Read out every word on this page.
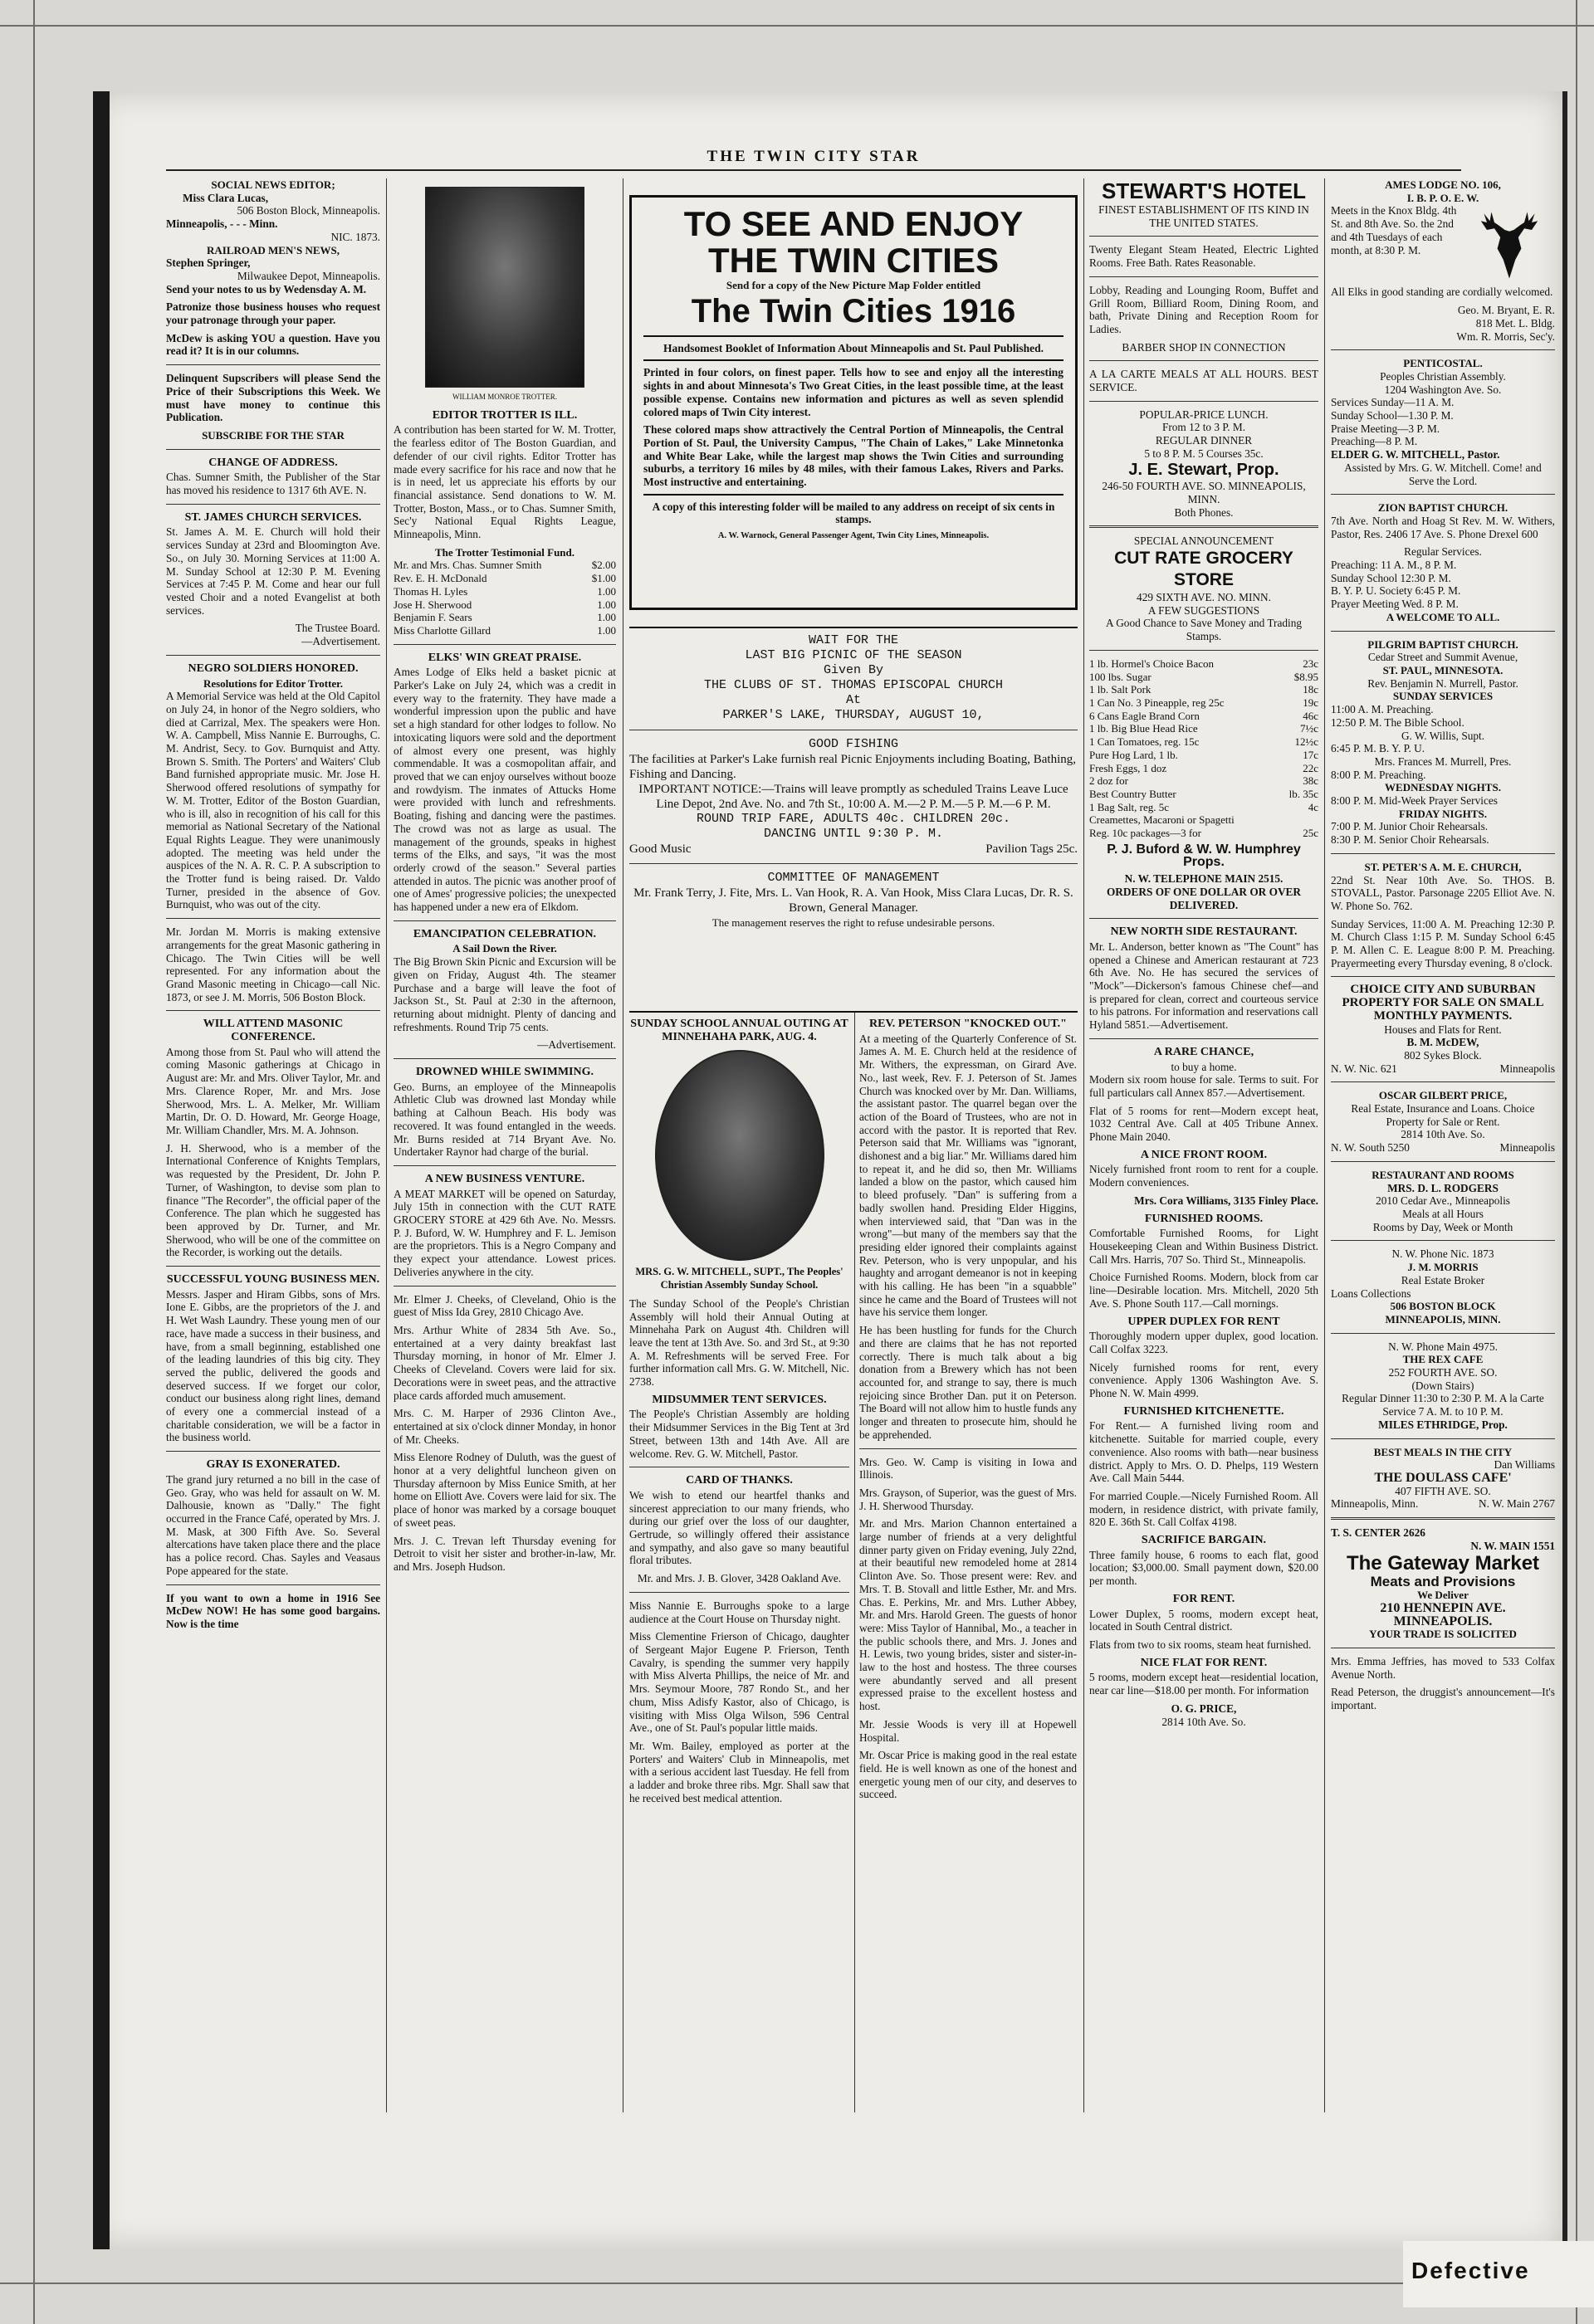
THE TWIN CITY STAR
SOCIAL NEWS EDITOR;
Miss Clara Lucas,
506 Boston Block, Minneapolis.
Minneapolis, - - - Minn.
NIC. 1873.
RAILROAD MEN'S NEWS,
Stephen Springer,
Milwaukee Depot, Minneapolis.

Send your notes to us by Wedensday A. M.

Patronize those business houses who request your patronage through your paper.

McDew is asking YOU a question. Have you read it? It is in our columns.

Delinquent Supscribers will please Send the Price of their Subscriptions this Week. We must have money to continue this Publication.

SUBSCRIBE FOR THE STAR
CHANGE OF ADDRESS.

Chas. Sumner Smith, the Publisher of the Star has moved his residence to 1317 6th AVE. N.

ST. JAMES CHURCH SERVICES.

St. James A. M. E. Church will hold their services Sunday at 23rd and Bloomington Ave. So., on July 30. Morning Services at 11:00 A. M. Sunday School at 12:30 P. M. Evening Services at 7:45 P. M. Come and hear our full vested Choir and a noted Evangelist at both services.

The Trustee Board.
—Advertisement.
NEGRO SOLDIERS HONORED.
Resolutions for Editor Trotter.

A Memorial Service was held at the Old Capitol on July 24, in honor of the Negro soldiers, who died at Carrizal, Mex. The speakers were Hon. W. A. Campbell, Miss Nannie E. Burroughs, C. M. Andrist, Secy. to Gov. Burnquist and Atty. Brown S. Smith. The Porters' and Waiters' Club Band furnished appropriate music. Mr. Jose H. Sherwood offered resolutions of sympathy for W. M. Trotter, Editor of the Boston Guardian, who is ill, also in recognition of his call for this memorial as National Secretary of the National Equal Rights League. They were unanimously adopted. The meeting was held under the auspices of the N. A. R. C. P. A subscription to the Trotter fund is being raised. Dr. Valdo Turner, presided in the absence of Gov. Burnquist, who was out of the city.

Mr. Jordan M. Morris is making extensive arrangements for the great Masonic gathering in Chicago. The Twin Cities will be well represented. For any information about the Grand Masonic meeting in Chicago—call Nic. 1873, or see J. M. Morris, 506 Boston Block.

WILL ATTEND MASONIC CONFERENCE.

Among those from St. Paul who will attend the coming Masonic gatherings at Chicago in August are: Mr. and Mrs. Oliver Taylor, Mr. and Mrs. Clarence Roper, Mr. and Mrs. Jose Sherwood, Mrs. L. A. Melker, Mr. William Martin, Dr. O. D. Howard, Mr. George Hoage, Mr. William Chandler, Mrs. M. A. Johnson.

J. H. Sherwood, who is a member of the International Conference of Knights Templars, was requested by the President, Dr. John P. Turner, of Washington, to devise som plan to finance "The Recorder", the official paper of the Conference. The plan which he suggested has been approved by Dr. Turner, and Mr. Sherwood, who will be one of the committee on the Recorder, is working out the details.

SUCCESSFUL YOUNG BUSINESS MEN.

Messrs. Jasper and Hiram Gibbs, sons of Mrs. Ione E. Gibbs, are the proprietors of the J. and H. Wet Wash Laundry. These young men of our race, have made a success in their business, and have, from a small beginning, established one of the leading laundries of this big city. They served the public, delivered the goods and deserved success. If we forget our color, conduct our business along right lines, demand of every one a commercial instead of a charitable consideration, we will be a factor in the business world.

GRAY IS EXONERATED.

The grand jury returned a no bill in the case of Geo. Gray, who was held for assault on W. M. Dalhousie, known as "Dally." The fight occurred in the France Café, operated by Mrs. J. M. Mask, at 300 Fifth Ave. So. Several altercations have taken place there and the place has a police record. Chas. Sayles and Veasaus Pope appeared for the state.

If you want to own a home in 1916 See McDew NOW! He has some good bargains. Now is the time

WILLIAM MONROE TROTTER.
EDITOR TROTTER IS ILL.

A contribution has been started for W. M. Trotter, the fearless editor of The Boston Guardian, and defender of our civil rights. Editor Trotter has made every sacrifice for his race and now that he is in need, let us appreciate his efforts by our financial assistance. Send donations to W. M. Trotter, Boston, Mass., or to Chas. Sumner Smith, Sec'y National Equal Rights League, Minneapolis, Minn.

The Trotter Testimonial Fund.
Mr. and Mrs. Chas. Sumner Smith	$2.00
Rev. E. H. McDonald	$1.00
Thomas H. Lyles	1.00
Jose H. Sherwood	1.00
Benjamin F. Sears	1.00
Miss Charlotte Gillard	1.00
ELKS' WIN GREAT PRAISE.

Ames Lodge of Elks held a basket picnic at Parker's Lake on July 24, which was a credit in every way to the fraternity. They have made a wonderful impression upon the public and have set a high standard for other lodges to follow. No intoxicating liquors were sold and the deportment of almost every one present, was highly commendable. It was a cosmopolitan affair, and proved that we can enjoy ourselves without booze and rowdyism. The inmates of Attucks Home were provided with lunch and refreshments. Boating, fishing and dancing were the pastimes. The crowd was not as large as usual. The management of the grounds, speaks in highest terms of the Elks, and says, "it was the most orderly crowd of the season." Several parties attended in autos. The picnic was another proof of one of Ames' progressive policies; the unexpected has happened under a new era of Elkdom.

EMANCIPATION CELEBRATION.
A Sail Down the River.

The Big Brown Skin Picnic and Excursion will be given on Friday, August 4th. The steamer Purchase and a barge will leave the foot of Jackson St., St. Paul at 2:30 in the afternoon, returning about midnight. Plenty of dancing and refreshments. Round Trip 75 cents.

—Advertisement.
DROWNED WHILE SWIMMING.

Geo. Burns, an employee of the Minneapolis Athletic Club was drowned last Monday while bathing at Calhoun Beach. His body was recovered. It was found entangled in the weeds. Mr. Burns resided at 714 Bryant Ave. No. Undertaker Raynor had charge of the burial.

A NEW BUSINESS VENTURE.

A MEAT MARKET will be opened on Saturday, July 15th in connection with the CUT RATE GROCERY STORE at 429 6th Ave. No. Messrs. P. J. Buford, W. W. Humphrey and F. L. Jemison are the proprietors. This is a Negro Company and they expect your attendance. Lowest prices. Deliveries anywhere in the city.

Mr. Elmer J. Cheeks, of Cleveland, Ohio is the guest of Miss Ida Grey, 2810 Chicago Ave.

Mrs. Arthur White of 2834 5th Ave. So., entertained at a very dainty breakfast last Thursday morning, in honor of Mr. Elmer J. Cheeks of Cleveland. Covers were laid for six. Decorations were in sweet peas, and the attractive place cards afforded much amusement.

Mrs. C. M. Harper of 2936 Clinton Ave., entertained at six o'clock dinner Monday, in honor of Mr. Cheeks.

Miss Elenore Rodney of Duluth, was the guest of honor at a very delightful luncheon given on Thursday afternoon by Miss Eunice Smith, at her home on Elliott Ave. Covers were laid for six. The place of honor was marked by a corsage bouquet of sweet peas.

Mrs. J. C. Trevan left Thursday evening for Detroit to visit her sister and brother-in-law, Mr. and Mrs. Joseph Hudson.

TO SEE AND ENJOY
THE TWIN CITIES
Send for a copy of the New Picture Map Folder entitled
The Twin Cities 1916
Handsomest Booklet of Information About Minneapolis and St. Paul Published.

Printed in four colors, on finest paper. Tells how to see and enjoy all the interesting sights in and about Minnesota's Two Great Cities, in the least possible time, at the least possible expense. Contains new information and pictures as well as seven splendid colored maps of Twin City interest.

These colored maps show attractively the Central Portion of Minneapolis, the Central Portion of St. Paul, the University Campus, "The Chain of Lakes," Lake Minnetonka and White Bear Lake, while the largest map shows the Twin Cities and surrounding suburbs, a territory 16 miles by 48 miles, with their famous Lakes, Rivers and Parks. Most instructive and entertaining.

A copy of this interesting folder will be mailed to any address on receipt of six cents in stamps.
A. W. Warnock, General Passenger Agent, Twin City Lines, Minneapolis.
WAIT FOR THE
LAST BIG PICNIC OF THE SEASON
Given By
THE CLUBS OF ST. THOMAS EPISCOPAL CHURCH
At
PARKER'S LAKE, THURSDAY, AUGUST 10,
GOOD FISHING
The facilities at Parker's Lake furnish real Picnic Enjoyments including Boating, Bathing, Fishing and Dancing.
IMPORTANT NOTICE:—Trains will leave promptly as scheduled Trains Leave Luce Line Depot, 2nd Ave. No. and 7th St., 10:00 A. M.—2 P. M.—5 P. M.—6 P. M.
ROUND TRIP FARE, ADULTS 40c. CHILDREN 20c.
DANCING UNTIL 9:30 P. M.
Good Music	Pavilion Tags 25c.
COMMITTEE OF MANAGEMENT
Mr. Frank Terry, J. Fite, Mrs. L. Van Hook, R. A. Van Hook, Miss Clara Lucas, Dr. R. S. Brown, General Manager.
The management reserves the right to refuse undesirable persons.
SUNDAY SCHOOL ANNUAL OUTING AT MINNEHAHA PARK, AUG. 4.
MRS. G. W. MITCHELL, SUPT., The Peoples' Christian Assembly Sunday School.

The Sunday School of the People's Christian Assembly will hold their Annual Outing at Minnehaha Park on August 4th. Children will leave the tent at 13th Ave. So. and 3rd St., at 9:30 A. M. Refreshments will be served Free. For further information call Mrs. G. W. Mitchell, Nic. 2738.

MIDSUMMER TENT SERVICES.

The People's Christian Assembly are holding their Midsummer Services in the Big Tent at 3rd Street, between 13th and 14th Ave. All are welcome. Rev. G. W. Mitchell, Pastor.

CARD OF THANKS.

We wish to etend our heartfel thanks and sincerest appreciation to our many friends, who during our grief over the loss of our daughter, Gertrude, so willingly offered their assistance and sympathy, and also gave so many beautiful floral tributes.

Mr. and Mrs. J. B. Glover, 3428 Oakland Ave.

Miss Nannie E. Burroughs spoke to a large audience at the Court House on Thursday night.

Miss Clementine Frierson of Chicago, daughter of Sergeant Major Eugene P. Frierson, Tenth Cavalry, is spending the summer very happily with Miss Alverta Phillips, the neice of Mr. and Mrs. Seymour Moore, 787 Rondo St., and her chum, Miss Adisfy Kastor, also of Chicago, is visiting with Miss Olga Wilson, 596 Central Ave., one of St. Paul's popular little maids.

Mr. Wm. Bailey, employed as porter at the Porters' and Waiters' Club in Minneapolis, met with a serious accident last Tuesday. He fell from a ladder and broke three ribs. Mgr. Shall saw that he received best medical attention.

REV. PETERSON "KNOCKED OUT."

At a meeting of the Quarterly Conference of St. James A. M. E. Church held at the residence of Mr. Withers, the expressman, on Girard Ave. No., last week, Rev. F. J. Peterson of St. James Church was knocked over by Mr. Dan. Williams, the assistant pastor. The quarrel began over the action of the Board of Trustees, who are not in accord with the pastor. It is reported that Rev. Peterson said that Mr. Williams was "ignorant, dishonest and a big liar." Mr. Williams dared him to repeat it, and he did so, then Mr. Williams landed a blow on the pastor, which caused him to bleed profusely. "Dan" is suffering from a badly swollen hand. Presiding Elder Higgins, when interviewed said, that "Dan was in the wrong"—but many of the members say that the presiding elder ignored their complaints against Rev. Peterson, who is very unpopular, and his haughty and arrogant demeanor is not in keeping with his calling. He has been "in a squabble" since he came and the Board of Trustees will not have his service them longer.

He has been hustling for funds for the Church and there are claims that he has not reported correctly. There is much talk about a big donation from a Brewery which has not been accounted for, and strange to say, there is much rejoicing since Brother Dan. put it on Peterson. The Board will not allow him to hustle funds any longer and threaten to prosecute him, should he be apprehended.

Mrs. Geo. W. Camp is visiting in Iowa and Illinois.

Mrs. Grayson, of Superior, was the guest of Mrs. J. H. Sherwood Thursday.

Mr. and Mrs. Marion Channon entertained a large number of friends at a very delightful dinner party given on Friday evening, July 22nd, at their beautiful new remodeled home at 2814 Clinton Ave. So. Those present were: Rev. and Mrs. T. B. Stovall and little Esther, Mr. and Mrs. Chas. E. Perkins, Mr. and Mrs. Luther Abbey, Mr. and Mrs. Harold Green. The guests of honor were: Miss Taylor of Hannibal, Mo., a teacher in the public schools there, and Mrs. J. Jones and H. Lewis, two young brides, sister and sister-in-law to the host and hostess. The three courses were abundantly served and all present expressed praise to the excellent hostess and host.

Mr. Jessie Woods is very ill at Hopewell Hospital.

Mr. Oscar Price is making good in the real estate field. He is well known as one of the honest and energetic young men of our city, and deserves to succeed.

STEWART'S HOTEL
FINEST ESTABLISHMENT OF ITS KIND IN THE UNITED STATES.

Twenty Elegant Steam Heated, Electric Lighted Rooms. Free Bath. Rates Reasonable.

Lobby, Reading and Lounging Room, Buffet and Grill Room, Billiard Room, Dining Room, and bath, Private Dining and Reception Room for Ladies.

BARBER SHOP IN CONNECTION

A LA CARTE MEALS AT ALL HOURS. BEST SERVICE.

POPULAR-PRICE LUNCH.
From 12 to 3 P. M.
REGULAR DINNER
5 to 8 P. M. 5 Courses 35c.
J. E. Stewart, Prop.
246-50 FOURTH AVE. SO. MINNEAPOLIS, MINN.
Both Phones.
SPECIAL ANNOUNCEMENT
CUT RATE GROCERY STORE
429 SIXTH AVE. NO. MINN.
A FEW SUGGESTIONS
A Good Chance to Save Money and Trading Stamps.
1 lb. Hormel's Choice Bacon	23c
100 lbs. Sugar	$8.95
1 lb. Salt Pork	18c
1 Can No. 3 Pineapple, reg 25c	19c
6 Cans Eagle Brand Corn	46c
1 lb. Big Blue Head Rice	7½c
1 Can Tomatoes, reg. 15c	12½c
Pure Hog Lard, 1 lb.	17c
Fresh Eggs, 1 doz	22c
2 doz for	38c
Best Country Butter	lb. 35c
1 Bag Salt, reg. 5c	4c
Creamettes, Macaroni or Spagetti	
Reg. 10c packages—3 for	25c
P. J. Buford & W. W. Humphrey Props.
N. W. TELEPHONE MAIN 2515.
ORDERS OF ONE DOLLAR OR OVER DELIVERED.
NEW NORTH SIDE RESTAURANT.

Mr. L. Anderson, better known as "The Count" has opened a Chinese and American restaurant at 723 6th Ave. No. He has secured the services of "Mock"—Dickerson's famous Chinese chef—and is prepared for clean, correct and courteous service to his patrons. For information and reservations call Hyland 5851.—Advertisement.

A RARE CHANCE,
to buy a home.

Modern six room house for sale. Terms to suit. For full particulars call Annex 857.—Advertisement.

Flat of 5 rooms for rent—Modern except heat, 1032 Central Ave. Call at 405 Tribune Annex. Phone Main 2040.

A NICE FRONT ROOM.

Nicely furnished front room to rent for a couple. Modern conveniences.

Mrs. Cora Williams, 3135 Finley Place.
FURNISHED ROOMS.

Comfortable Furnished Rooms, for Light Housekeeping Clean and Within Business District. Call Mrs. Harris, 707 So. Third St., Minneapolis.

Choice Furnished Rooms. Modern, block from car line—Desirable location. Mrs. Mitchell, 2020 5th Ave. S. Phone South 117.—Call mornings.

UPPER DUPLEX FOR RENT

Thoroughly modern upper duplex, good location. Call Colfax 3223.

Nicely furnished rooms for rent, every convenience. Apply 1306 Washington Ave. S. Phone N. W. Main 4999.

FURNISHED KITCHENETTE.

For Rent.— A furnished living room and kitchenette. Suitable for married couple, every convenience. Also rooms with bath—near business district. Apply to Mrs. O. D. Phelps, 119 Western Ave. Call Main 5444.

For married Couple.—Nicely Furnished Room. All modern, in residence district, with private family, 820 E. 36th St. Call Colfax 4198.

SACRIFICE BARGAIN.

Three family house, 6 rooms to each flat, good location; $3,000.00. Small payment down, $20.00 per month.

FOR RENT.

Lower Duplex, 5 rooms, modern except heat, located in South Central district.

Flats from two to six rooms, steam heat furnished.

NICE FLAT FOR RENT.

5 rooms, modern except heat—residential location, near car line—$18.00 per month. For information

O. G. PRICE,
2814 10th Ave. So.
AMES LODGE NO. 106,
I. B. P. O. E. W.
Meets in the Knox Bldg. 4th St. and 8th Ave. So. the 2nd and 4th Tuesdays of each month, at 8:30 P. M.

All Elks in good standing are cordially welcomed.

Geo. M. Bryant, E. R.
818 Met. L. Bldg.
Wm. R. Morris, Sec'y.
PENTICOSTAL.
Peoples Christian Assembly.
1204 Washington Ave. So.
Services Sunday—11 A. M.
Sunday School—1.30 P. M.
Praise Meeting—3 P. M.
Preaching—8 P. M.
ELDER G. W. MITCHELL, Pastor.
Assisted by Mrs. G. W. Mitchell. Come! and Serve the Lord.
ZION BAPTIST CHURCH.

7th Ave. North and Hoag St Rev. M. W. Withers, Pastor, Res. 2406 17 Ave. S. Phone Drexel 600

Regular Services.
Preaching: 11 A. M., 8 P. M.
Sunday School 12:30 P. M.
B. Y. P. U. Society 6:45 P. M.
Prayer Meeting Wed. 8 P. M.
A WELCOME TO ALL.
PILGRIM BAPTIST CHURCH.
Cedar Street and Summit Avenue,
ST. PAUL, MINNESOTA.
Rev. Benjamin N. Murrell, Pastor.
SUNDAY SERVICES
11:00 A. M. Preaching.
12:50 P. M. The Bible School.
G. W. Willis, Supt.
6:45 P. M. B. Y. P. U.
Mrs. Frances M. Murrell, Pres.
8:00 P. M. Preaching.
WEDNESDAY NIGHTS.
8:00 P. M. Mid-Week Prayer Services
FRIDAY NIGHTS.
7:00 P. M. Junior Choir Rehearsals.
8:30 P. M. Senior Choir Rehearsals.
ST. PETER'S A. M. E. CHURCH,

22nd St. Near 10th Ave. So. THOS. B. STOVALL, Pastor. Parsonage 2205 Elliot Ave. N. W. Phone So. 762.

Sunday Services, 11:00 A. M. Preaching 12:30 P. M. Church Class 1:15 P. M. Sunday School 6:45 P. M. Allen C. E. League 8:00 P. M. Preaching. Prayermeeting every Thursday evening, 8 o'clock.

CHOICE CITY AND SUBURBAN PROPERTY FOR SALE ON SMALL MONTHLY PAYMENTS.
Houses and Flats for Rent.
B. M. McDEW,
802 Sykes Block.
N. W. Nic. 621	Minneapolis
OSCAR GILBERT PRICE,
Real Estate, Insurance and Loans. Choice Property for Sale or Rent.
2814 10th Ave. So.
N. W. South 5250	Minneapolis
RESTAURANT AND ROOMS
MRS. D. L. RODGERS
2010 Cedar Ave., Minneapolis
Meals at all Hours
Rooms by Day, Week or Month
N. W. Phone Nic. 1873
J. M. MORRIS
Real Estate Broker
Loans Collections
506 BOSTON BLOCK
MINNEAPOLIS, MINN.
N. W. Phone Main 4975.
THE REX CAFE
252 FOURTH AVE. SO.
(Down Stairs)
Regular Dinner 11:30 to 2:30 P. M. A la Carte Service 7 A. M. to 10 P. M.
MILES ETHRIDGE, Prop.
BEST MEALS IN THE CITY
Dan Williams
THE DOULASS CAFE'
407 FIFTH AVE. SO.
Minneapolis, Minn.	N. W. Main 2767
T. S. CENTER 2626
N. W. MAIN 1551
The Gateway Market
Meats and Provisions
We Deliver
210 HENNEPIN AVE.
MINNEAPOLIS.
YOUR TRADE IS SOLICITED

Mrs. Emma Jeffries, has moved to 533 Colfax Avenue North.

Read Peterson, the druggist's announcement—It's important.

Defective
